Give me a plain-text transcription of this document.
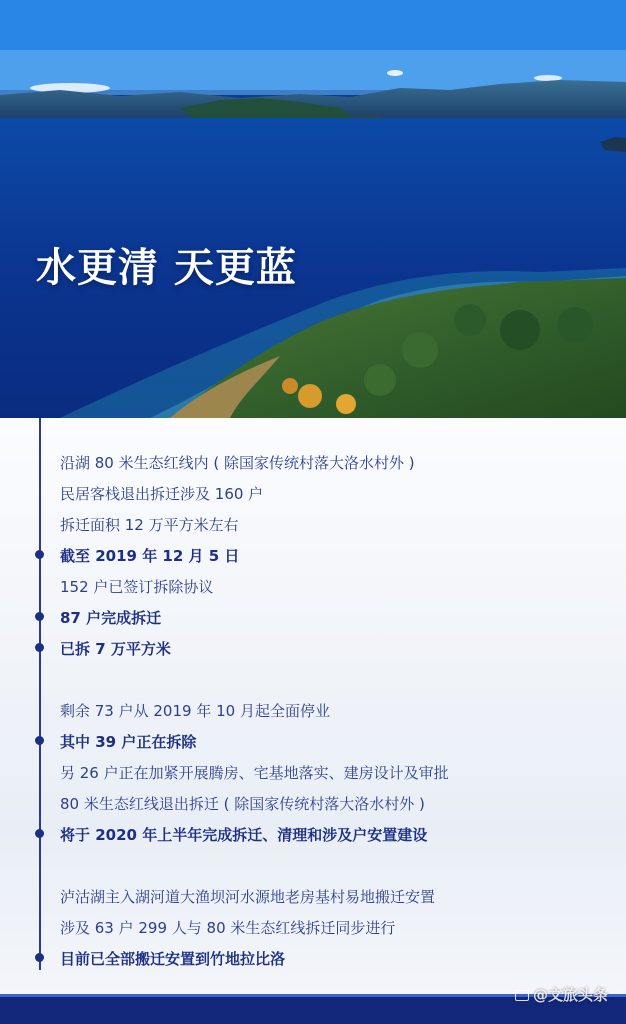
水更清 天更蓝
沿湖 80 米生态红线内 ( 除国家传统村落大洛水村外 )
民居客栈退出拆迁涉及 160 户
拆迁面积 12 万平方米左右
截至 2019 年 12 月 5 日
152 户已签订拆除协议
87 户完成拆迁
已拆 7 万平方米
剩余 73 户从 2019 年 10 月起全面停业
其中 39 户正在拆除
另 26 户正在加紧开展腾房、宅基地落实、建房设计及审批
80 米生态红线退出拆迁 ( 除国家传统村落大洛水村外 )
将于 2020 年上半年完成拆迁、清理和涉及户安置建设
泸沽湖主入湖河道大渔坝河水源地老房基村易地搬迁安置
涉及 63 户 299 人与 80 米生态红线拆迁同步进行
目前已全部搬迁安置到竹地拉比洛
@文旅头条
